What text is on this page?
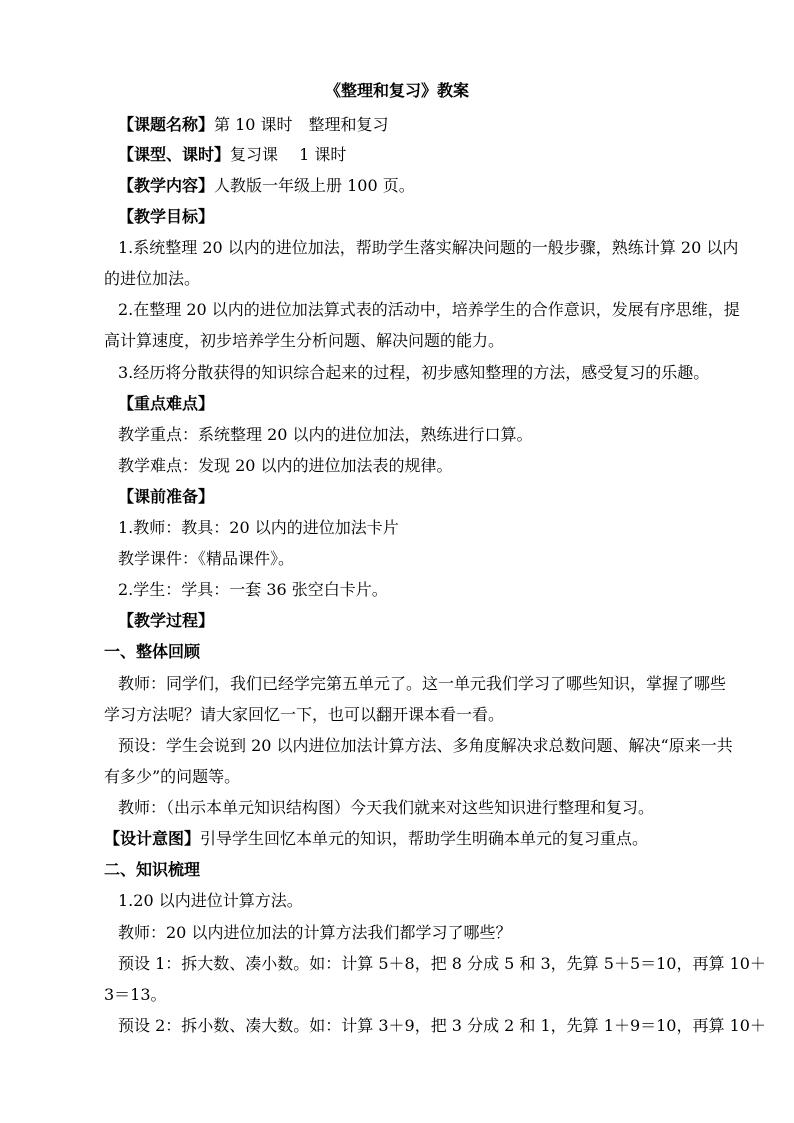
《整理和复习》教案
【课题名称】第 10 课时　整理和复习
【课型、课时】复习课　 1 课时
【教学内容】人教版一年级上册 100 页。
【教学目标】
1.系统整理 20 以内的进位加法，帮助学生落实解决问题的一般步骤，熟练计算 20 以内
的进位加法。
2.在整理 20 以内的进位加法算式表的活动中，培养学生的合作意识，发展有序思维，提
高计算速度，初步培养学生分析问题、解决问题的能力。
3.经历将分散获得的知识综合起来的过程，初步感知整理的方法，感受复习的乐趣。
【重点难点】
教学重点：系统整理 20 以内的进位加法，熟练进行口算。
教学难点：发现 20 以内的进位加法表的规律。
【课前准备】
1.教师：教具：20 以内的进位加法卡片
教学课件：《精品课件》。
2.学生：学具：一套 36 张空白卡片。
【教学过程】
一、整体回顾
教师：同学们，我们已经学完第五单元了。这一单元我们学习了哪些知识，掌握了哪些
学习方法呢？请大家回忆一下，也可以翻开课本看一看。
预设：学生会说到 20 以内进位加法计算方法、多角度解决求总数问题、解决“原来一共
有多少”的问题等。
教师：（出示本单元知识结构图）今天我们就来对这些知识进行整理和复习。
【设计意图】引导学生回忆本单元的知识，帮助学生明确本单元的复习重点。
二、知识梳理
1.20 以内进位计算方法。
教师：20 以内进位加法的计算方法我们都学习了哪些？
预设 1：拆大数、凑小数。如：计算 5＋8，把 8 分成 5 和 3，先算 5＋5＝10，再算 10＋
3＝13。
预设 2：拆小数、凑大数。如：计算 3＋9，把 3 分成 2 和 1，先算 1＋9＝10，再算 10＋
